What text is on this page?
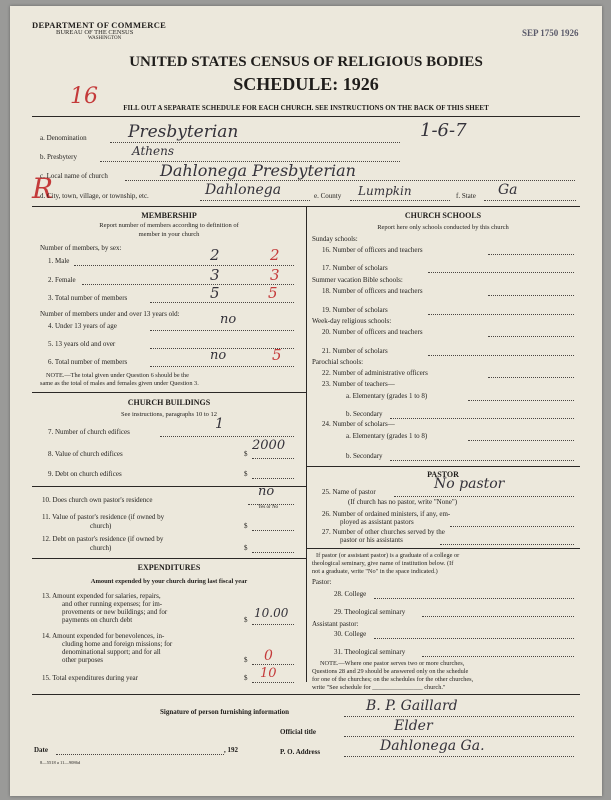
DEPARTMENT OF COMMERCE
BUREAU OF THE CENSUS
WASHINGTON
SEP 1750 1926
UNITED STATES CENSUS OF RELIGIOUS BODIES
SCHEDULE: 1926
16
R
FILL OUT A SEPARATE SCHEDULE FOR EACH CHURCH. SEE INSTRUCTIONS ON THE BACK OF THIS SHEET
a. Denomination Presbyterian	1-6-7
b. Presbytery	Athens
c. Local name of church	Dahlonega Presbyterian
d. City, town, village, or township, etc.	Dahlonega	e. County Lumpkin	f. State Ga
MEMBERSHIP
Report number of members according to definition of
member in your church
Number of members, by sex:
1. Male	2	2
2. Female	3	3
3. Total number of members	5	5
Number of members under and over 13 years old:
4. Under 13 years of age	no
5. 13 years old and over
6. Total number of members	no	5
NOTE.—The total given under Question 6 should be the
same as the total of males and females given under Question 3.
CHURCH BUILDINGS
See instructions, paragraphs 10 to 12
7. Number of church edifices	1
8. Value of church edifices	$
2000
9. Debt on church edifices	$
10. Does church own pastor's residence
no
Yes or No
11. Value of pastor's residence (if owned by
church)	$
12. Debt on pastor's residence (if owned by
church)	$
EXPENDITURES
Amount expended by your church during last fiscal year
13. Amount expended for salaries, repairs,
and other running expenses; for im-
provements or new buildings; and for
payments on church debt	$ 10.00
14. Amount expended for benevolences, in-
cluding home and foreign missions; for
denominational support; and for all
other purposes	$ 0
15. Total expenditures during year	$ 10
CHURCH SCHOOLS
Report here only schools conducted by this church
Sunday schools:
16. Number of officers and teachers
17. Number of scholars
Summer vacation Bible schools:
18. Number of officers and teachers
19. Number of scholars
Week-day religious schools:
20. Number of officers and teachers
21. Number of scholars
Parochial schools:
22. Number of administrative officers
23. Number of teachers—
a. Elementary (grades 1 to 8)
b. Secondary
24. Number of scholars—
a. Elementary (grades 1 to 8)
b. Secondary
PASTOR
25. Name of pastor	No pastor
(If church has no pastor, write "None")
26. Number of ordained ministers, if any, em-
ployed as assistant pastors
27. Number of other churches served by the
pastor or his assistants
If pastor (or assistant pastor) is a graduate of a college or
theological seminary, give name of institution below. (If
not a graduate, write "No" in the space indicated.)
Pastor:
28. College
29. Theological seminary
Assistant pastor:
30. College
31. Theological seminary
NOTE.—Where one pastor serves two or more churches,
Questions 28 and 29 should be answered only on the schedule
for one of the churches; on the schedules for the other churches,
write "See schedule for ________________ church."
Signature of person furnishing information	B. P. Gaillard
Official title	Elder
Date	, 192	P. O. Address	Dahlonega Ga.
8—5518 a 11—9086d
